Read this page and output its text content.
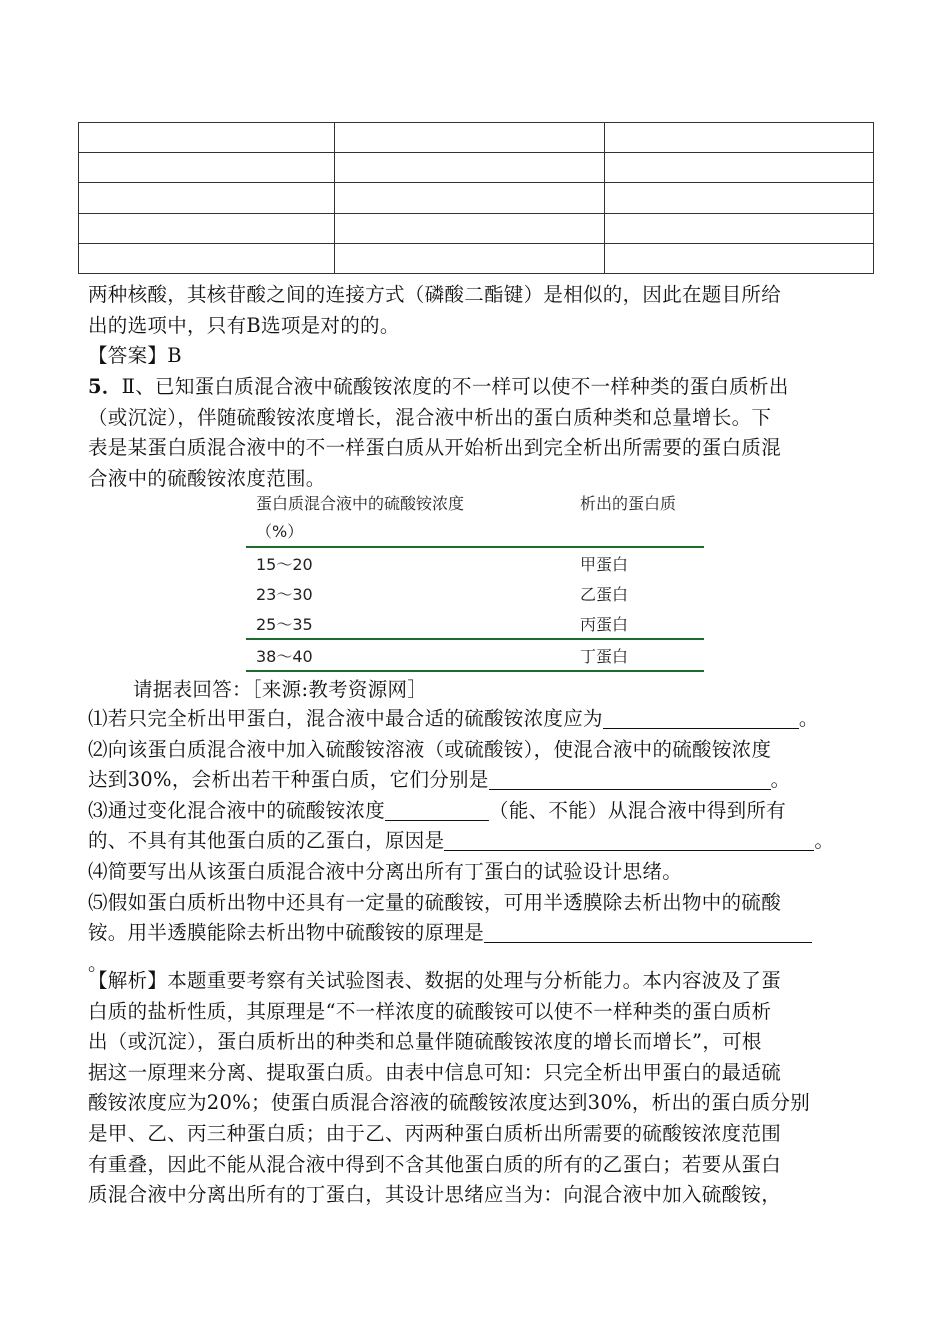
两种核酸，其核苷酸之间的连接方式（磷酸二酯键）是相似的，因此在题目所给
出的选项中，只有B选项是对的的。
【答案】B
5．Ⅱ、已知蛋白质混合液中硫酸铵浓度的不一样可以使不一样种类的蛋白质析出
（或沉淀），伴随硫酸铵浓度增长，混合液中析出的蛋白质种类和总量增长。下
表是某蛋白质混合液中的不一样蛋白质从开始析出到完全析出所需要的蛋白质混
合液中的硫酸铵浓度范围。
蛋白质混合液中的硫酸铵浓度
（%）	析出的蛋白质
15～20	甲蛋白
23～30	乙蛋白
25～35	丙蛋白
38～40	丁蛋白
请据表回答：［来源:教考资源网］
⑴若只完全析出甲蛋白，混合液中最合适的硫酸铵浓度应为	。
⑵向该蛋白质混合液中加入硫酸铵溶液（或硫酸铵），使混合液中的硫酸铵浓度
达到30%，会析出若干种蛋白质，它们分别是	。
⑶通过变化混合液中的硫酸铵浓度	（能、不能）从混合液中得到所有
的、不具有其他蛋白质的乙蛋白，原因是	。
⑷简要写出从该蛋白质混合液中分离出所有丁蛋白的试验设计思绪。
⑸假如蛋白质析出物中还具有一定量的硫酸铵，可用半透膜除去析出物中的硫酸
铵。用半透膜能除去析出物中硫酸铵的原理是
。
【解析】本题重要考察有关试验图表、数据的处理与分析能力。本内容波及了蛋
白质的盐析性质，其原理是“不一样浓度的硫酸铵可以使不一样种类的蛋白质析
出（或沉淀），蛋白质析出的种类和总量伴随硫酸铵浓度的增长而增长”，可根
据这一原理来分离、提取蛋白质。由表中信息可知：只完全析出甲蛋白的最适硫
酸铵浓度应为20%；使蛋白质混合溶液的硫酸铵浓度达到30%，析出的蛋白质分别
是甲、乙、丙三种蛋白质；由于乙、丙两种蛋白质析出所需要的硫酸铵浓度范围
有重叠，因此不能从混合液中得到不含其他蛋白质的所有的乙蛋白；若要从蛋白
质混合液中分离出所有的丁蛋白，其设计思绪应当为：向混合液中加入硫酸铵，
